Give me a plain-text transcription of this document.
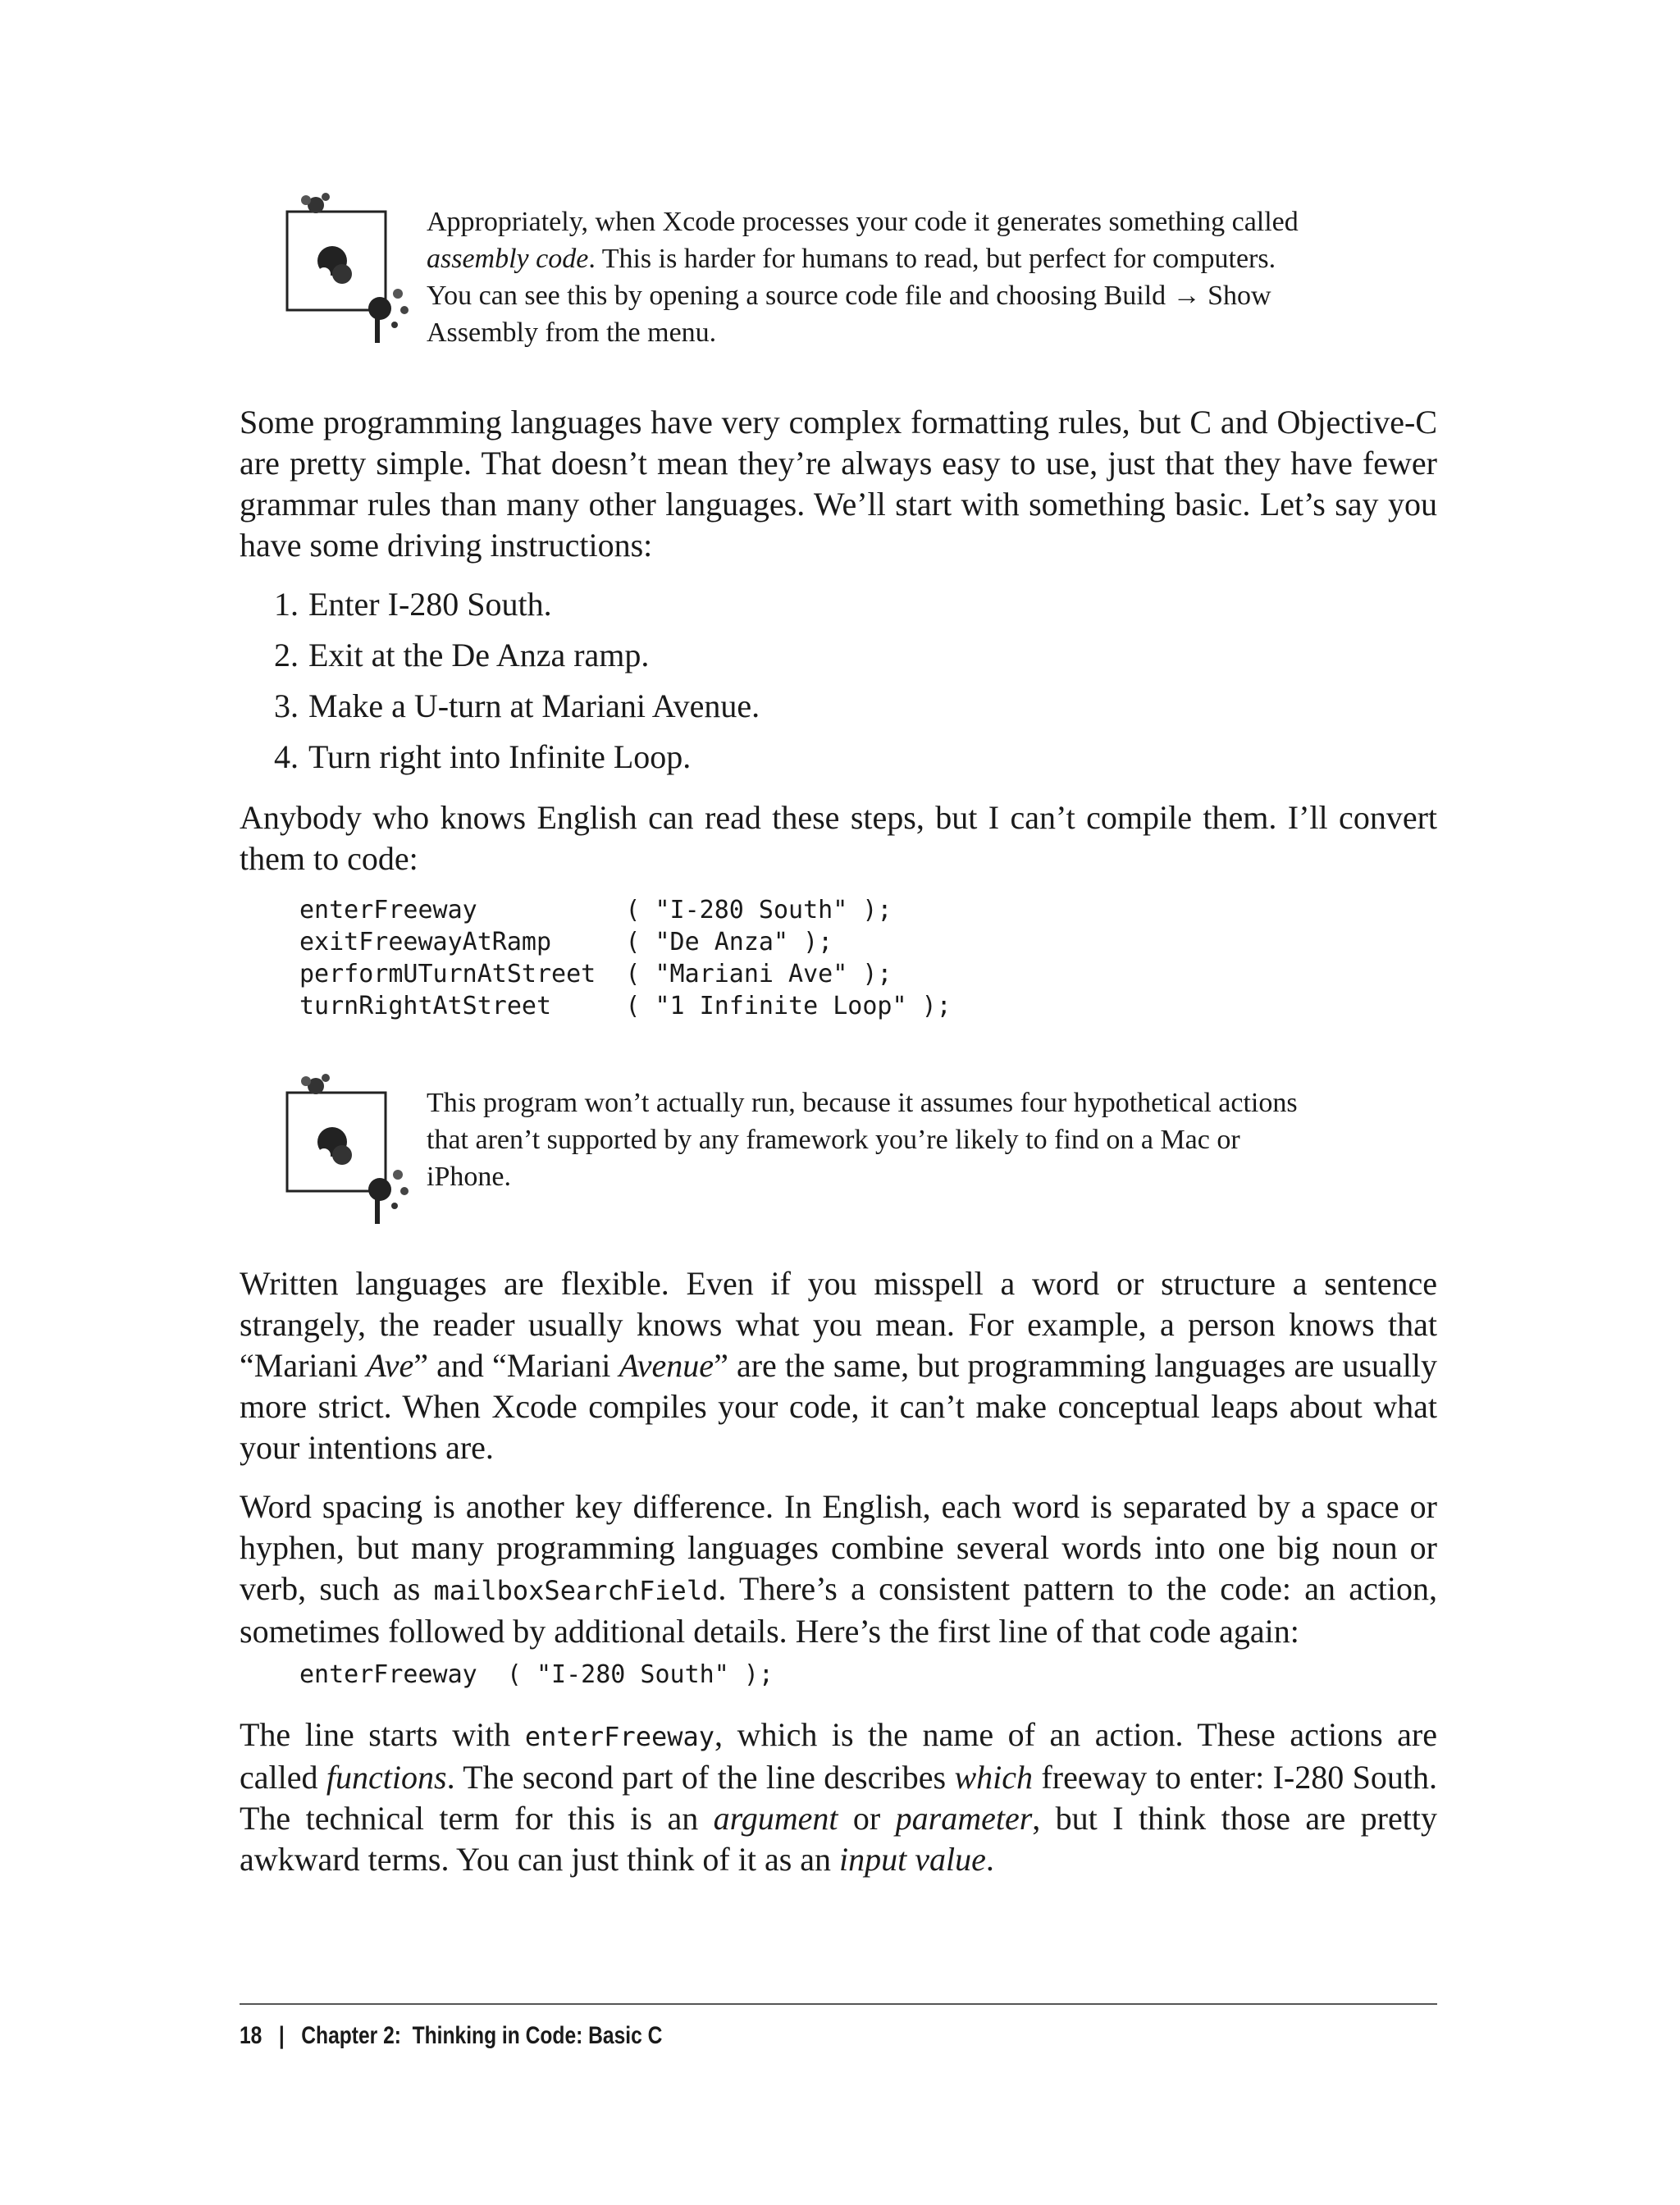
Appropriately, when Xcode processes your code it generates something called assembly code. This is harder for humans to read, but perfect for computers. You can see this by opening a source code file and choosing Build → Show Assembly from the menu.

Some programming languages have very complex formatting rules, but C and Objective-C are pretty simple. That doesn’t mean they’re always easy to use, just that they have fewer grammar rules than many other languages. We’ll start with something basic. Let’s say you have some driving instructions:

1. Enter I-280 South.
2. Exit at the De Anza ramp.
3. Make a U-turn at Mariani Avenue.
4. Turn right into Infinite Loop.

Anybody who knows English can read these steps, but I can’t compile them. I’ll convert them to code:

enterFreeway          ( "I-280 South" );
exitFreewayAtRamp     ( "De Anza" );
performUTurnAtStreet  ( "Mariani Ave" );
turnRightAtStreet     ( "1 Infinite Loop" );

This program won’t actually run, because it assumes four hypothetical actions that aren’t supported by any framework you’re likely to find on a Mac or iPhone.

Written languages are flexible. Even if you misspell a word or structure a sentence strangely, the reader usually knows what you mean. For example, a person knows that “Mariani Ave” and “Mariani Avenue” are the same, but programming languages are usually more strict. When Xcode compiles your code, it can’t make conceptual leaps about what your intentions are.

Word spacing is another key difference. In English, each word is separated by a space or hyphen, but many programming languages combine several words into one big noun or verb, such as mailboxSearchField. There’s a consistent pattern to the code: an action, sometimes followed by additional details. Here’s the first line of that code again:

enterFreeway  ( "I-280 South" );

The line starts with enterFreeway, which is the name of an action. These actions are called functions. The second part of the line describes which freeway to enter: I-280 South. The technical term for this is an argument or parameter, but I think those are pretty awkward terms. You can just think of it as an input value.

18 | Chapter 2:  Thinking in Code: Basic C
